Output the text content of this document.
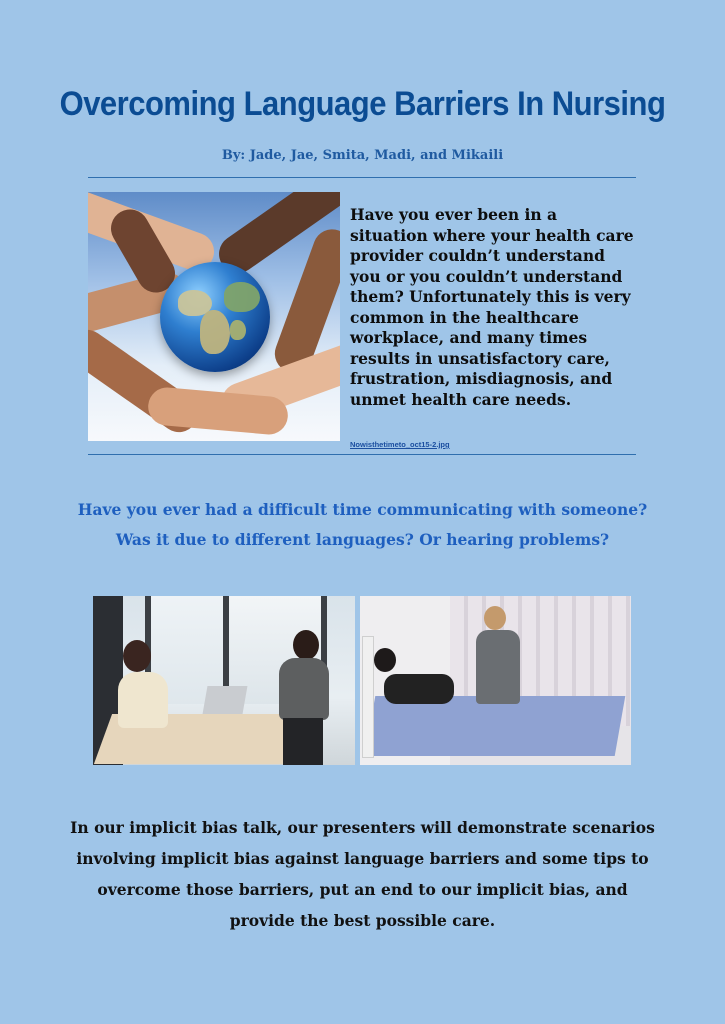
Overcoming Language Barriers In Nursing
By: Jade, Jae, Smita, Madi, and Mikaili
Have you ever been in a situation where your health care provider couldn’t understand you or you couldn’t understand them? Unfortunately this is very common in the healthcare workplace, and many times results in unsatisfactory care, frustration, misdiagnosis, and unmet health care needs.
Nowisthetimeto_oct15-2.jpg
Have you ever had a difficult time communicating with someone?
Was it due to different languages? Or hearing problems?
In our implicit bias talk, our presenters will demonstrate scenarios involving implicit bias against language barriers and some tips to overcome those barriers, put an end to our implicit bias, and provide the best possible care.
